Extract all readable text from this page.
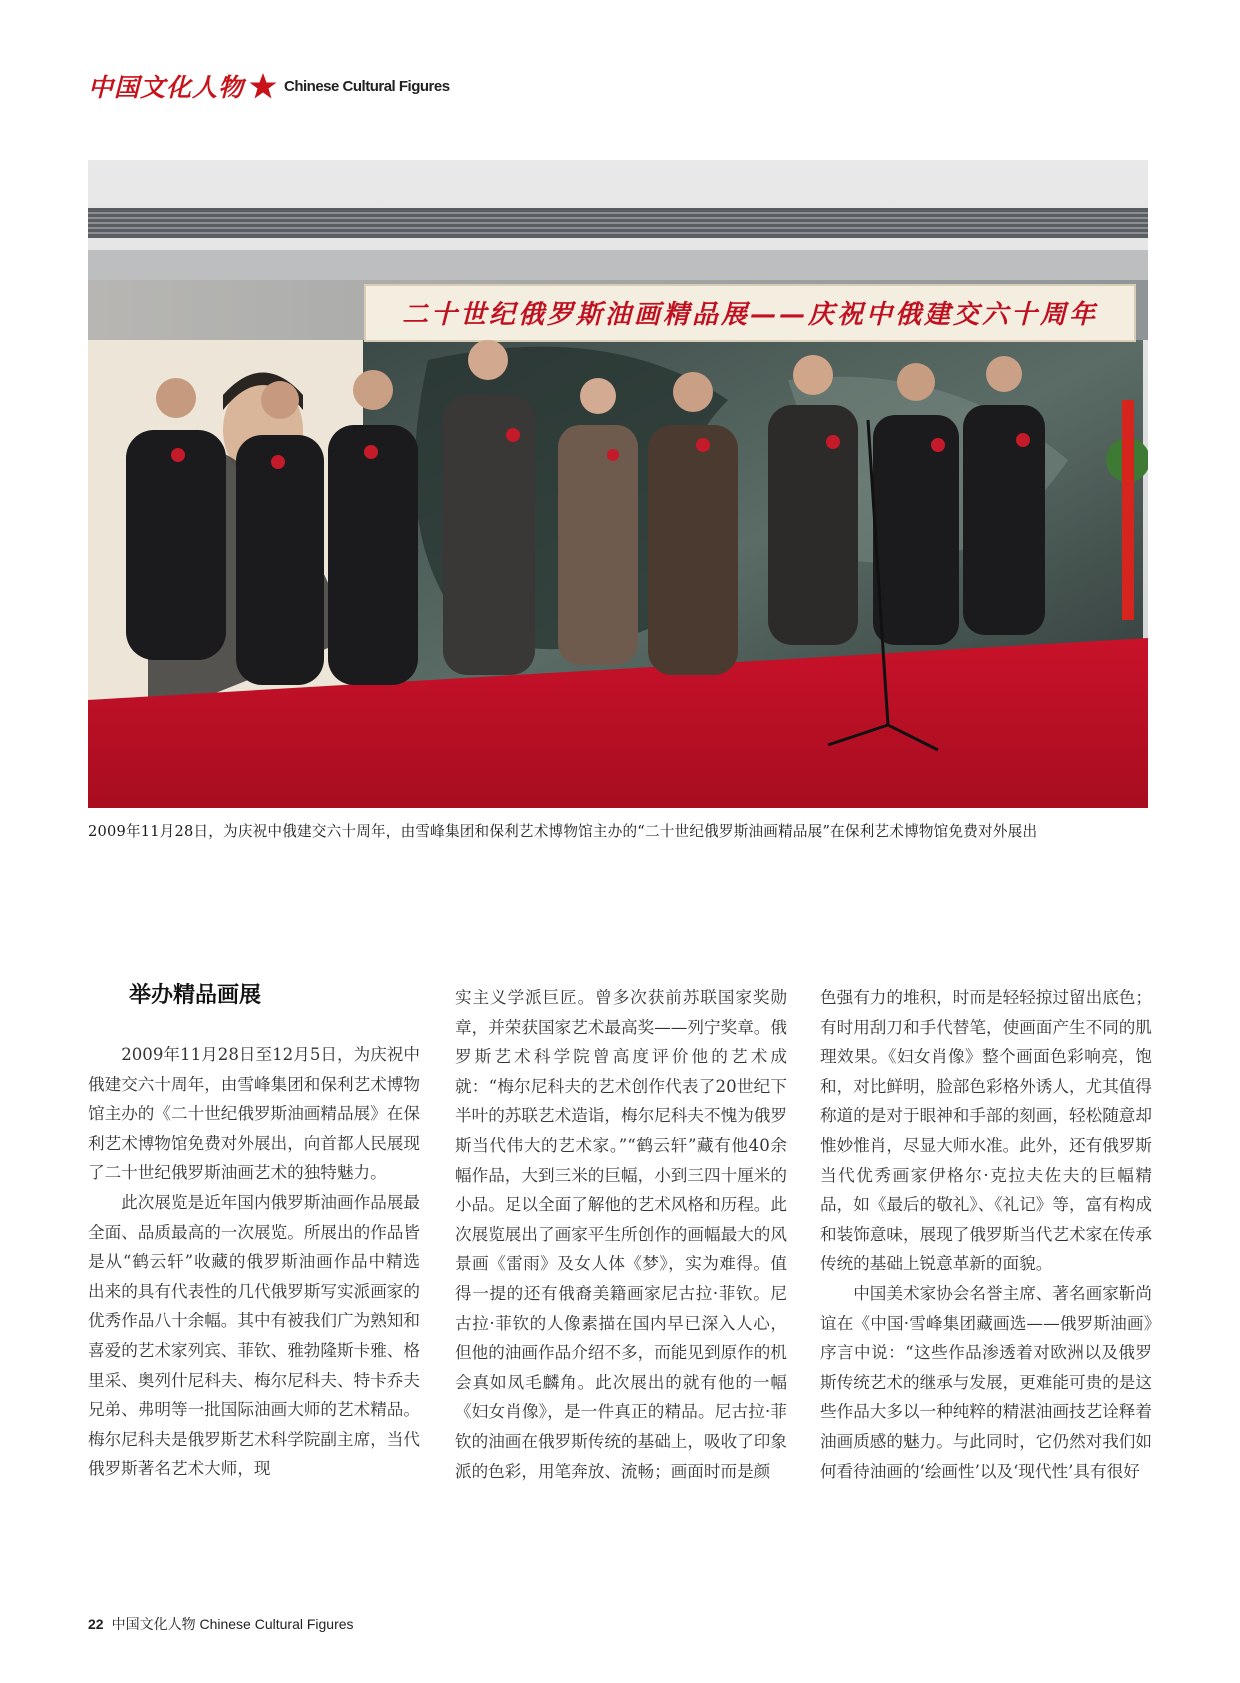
中国文化人物	Chinese Cultural Figures
二十世纪俄罗斯油画精品展——庆祝中俄建交六十周年
2009年11月28日，为庆祝中俄建交六十周年，由雪峰集团和保利艺术博物馆主办的“二十世纪俄罗斯油画精品展”在保利艺术博物馆免费对外展出
举办精品画展

2009年11月28日至12月5日，为庆祝中俄建交六十周年，由雪峰集团和保利艺术博物馆主办的《二十世纪俄罗斯油画精品展》在保利艺术博物馆免费对外展出，向首都人民展现了二十世纪俄罗斯油画艺术的独特魅力。

此次展览是近年国内俄罗斯油画作品展最全面、品质最高的一次展览。所展出的作品皆是从“鹤云轩”收藏的俄罗斯油画作品中精选出来的具有代表性的几代俄罗斯写实派画家的优秀作品八十余幅。其中有被我们广为熟知和喜爱的艺术家列宾、菲钦、雅勃隆斯卡雅、格里采、奥列什尼科夫、梅尔尼科夫、特卡乔夫兄弟、弗明等一批国际油画大师的艺术精品。梅尔尼科夫是俄罗斯艺术科学院副主席，当代俄罗斯著名艺术大师，现

实主义学派巨匠。曾多次获前苏联国家奖勋章，并荣获国家艺术最高奖——列宁奖章。俄罗斯艺术科学院曾高度评价他的艺术成就：“梅尔尼科夫的艺术创作代表了20世纪下半叶的苏联艺术造诣，梅尔尼科夫不愧为俄罗斯当代伟大的艺术家。”“鹤云轩”藏有他40余幅作品，大到三米的巨幅，小到三四十厘米的小品。足以全面了解他的艺术风格和历程。此次展览展出了画家平生所创作的画幅最大的风景画《雷雨》及女人体《梦》，实为难得。值得一提的还有俄裔美籍画家尼古拉·菲钦。尼古拉·菲钦的人像素描在国内早已深入人心，但他的油画作品介绍不多，而能见到原作的机会真如凤毛麟角。此次展出的就有他的一幅《妇女肖像》，是一件真正的精品。尼古拉·菲钦的油画在俄罗斯传统的基础上，吸收了印象派的色彩，用笔奔放、流畅；画面时而是颜

色强有力的堆积，时而是轻轻掠过留出底色；有时用刮刀和手代替笔，使画面产生不同的肌理效果。《妇女肖像》整个画面色彩响亮，饱和，对比鲜明，脸部色彩格外诱人，尤其值得称道的是对于眼神和手部的刻画，轻松随意却惟妙惟肖，尽显大师水准。此外，还有俄罗斯当代优秀画家伊格尔·克拉夫佐夫的巨幅精品，如《最后的敬礼》、《礼记》等，富有构成和装饰意味，展现了俄罗斯当代艺术家在传承传统的基础上锐意革新的面貌。

中国美术家协会名誉主席、著名画家靳尚谊在《中国·雪峰集团藏画选——俄罗斯油画》序言中说：“这些作品渗透着对欧洲以及俄罗斯传统艺术的继承与发展，更难能可贵的是这些作品大多以一种纯粹的精湛油画技艺诠释着油画质感的魅力。与此同时，它仍然对我们如何看待油画的‘绘画性’以及‘现代性’具有很好

22 中国文化人物 Chinese Cultural Figures
